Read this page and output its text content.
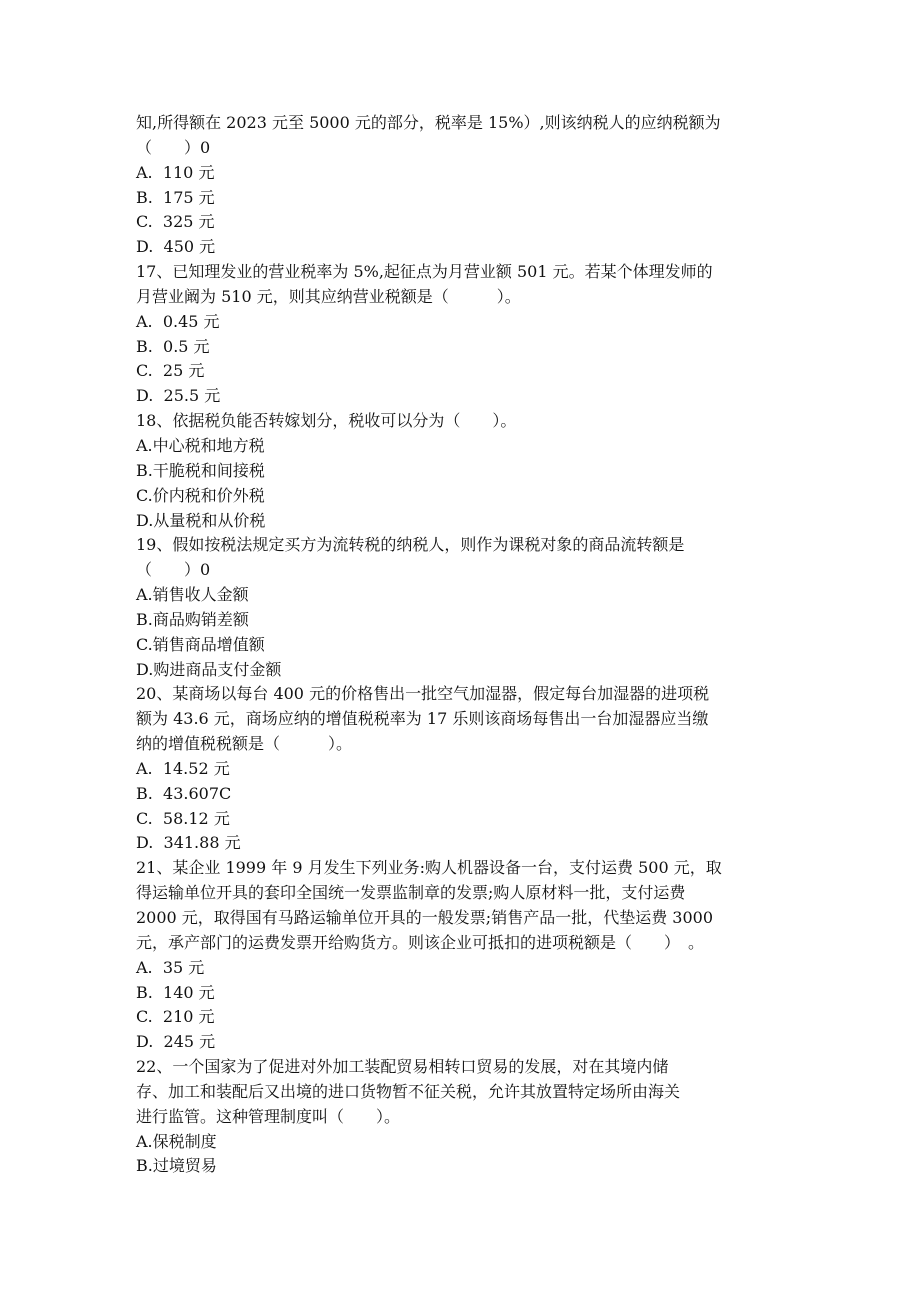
知,所得额在 2023 元至 5000 元的部分，税率是 15%）,则该纳税人的应纳税额为
（　　）0
A.  110 元
B.  175 元
C.  325 元
D.  450 元
17、已知理发业的营业税率为 5%,起征点为月营业额 501 元。若某个体理发师的
月营业阚为 510 元，则其应纳营业税额是（　　　）。
A.  0.45 元
B.  0.5 元
C.  25 元
D.  25.5 元
18、依据税负能否转嫁划分，税收可以分为（　　）。
A.中心税和地方税
B.干脆税和间接税
C.价内税和价外税
D.从量税和从价税
19、假如按税法规定买方为流转税的纳税人，则作为课税对象的商品流转额是
（　　）0
A.销售收人金额
B.商品购销差额
C.销售商品增值额
D.购进商品支付金额
20、某商场以每台 400 元的价格售出一批空气加湿器，假定每台加湿器的进项税
额为 43.6 元，商场应纳的增值税税率为 17 乐则该商场每售出一台加湿器应当缴
纳的增值税税额是（　　　）。
A.  14.52 元
B.  43.607C
C.  58.12 元
D.  341.88 元
21、某企业 1999 年 9 月发生下列业务:购人机器设备一台，支付运费 500 元，取
得运输单位开具的套印全国统一发票监制章的发票;购人原材料一批，支付运费
2000 元，取得国有马路运输单位开具的一般发票;销售产品一批，代垫运费 3000
元，承产部门的运费发票开给购货方。则该企业可抵扣的进项税额是（　　）　。
A.  35 元
B.  140 元
C.  210 元
D.  245 元
22、一个国家为了促进对外加工装配贸易相转口贸易的发展，对在其境内储
存、加工和装配后又出境的进口货物暂不征关税，允许其放置特定场所由海关
进行监管。这种管理制度叫（　　）。
A.保税制度
B.过境贸易
